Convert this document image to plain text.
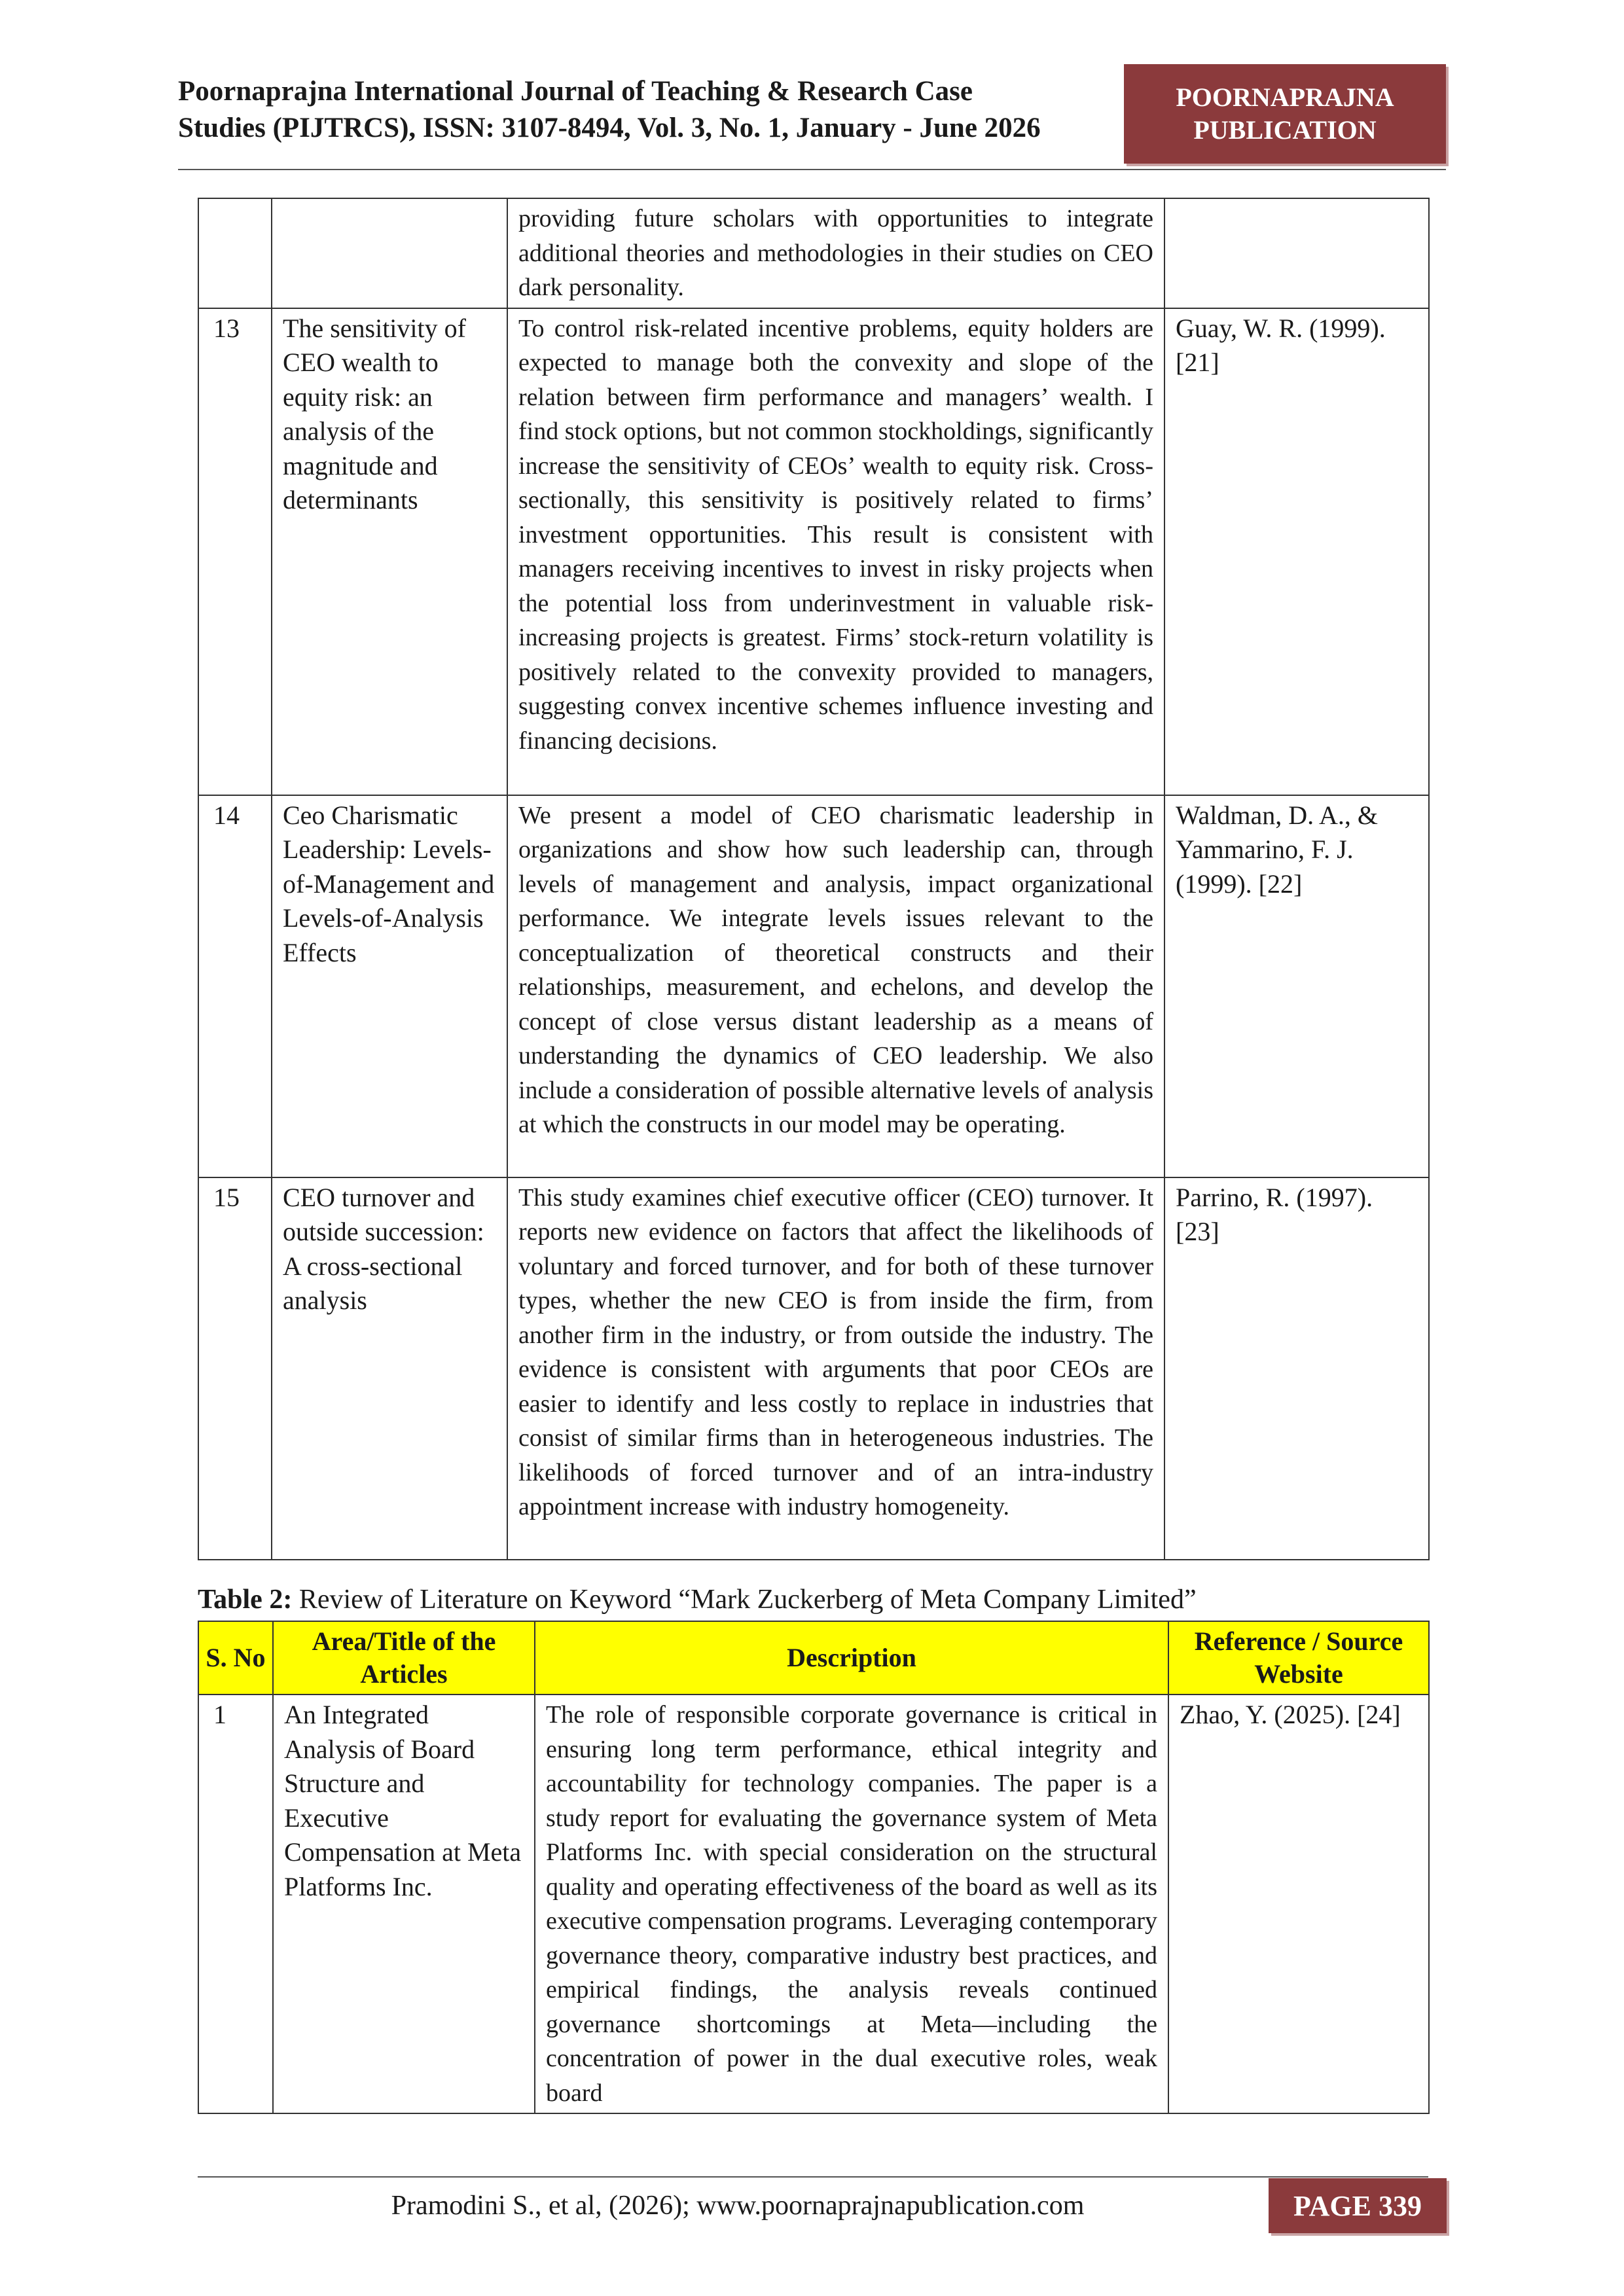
Poornaprajna International Journal of Teaching & Research Case
Studies (PIJTRCS), ISSN: 3107-8494, Vol. 3, No. 1, January - June 2026
POORNAPRAJNA
PUBLICATION
		providing future scholars with opportunities to integrate additional theories and methodologies in their studies on CEO dark personality.	
13	The sensitivity of CEO wealth to equity risk: an analysis of the magnitude and determinants	To control risk-related incentive problems, equity holders are expected to manage both the convexity and slope of the relation between firm performance and managers’ wealth. I find stock options, but not common stockholdings, significantly increase the sensitivity of CEOs’ wealth to equity risk. Cross-sectionally, this sensitivity is positively related to firms’ investment opportunities. This result is consistent with managers receiving incentives to invest in risky projects when the potential loss from underinvestment in valuable risk-increasing projects is greatest. Firms’ stock-return volatility is positively related to the convexity provided to managers, suggesting convex incentive schemes influence investing and financing decisions.	Guay, W. R. (1999). [21]
14	Ceo Charismatic Leadership: Levels-of-Management and Levels-of-Analysis Effects	We present a model of CEO charismatic leadership in organizations and show how such leadership can, through levels of management and analysis, impact organizational performance. We integrate levels issues relevant to the conceptualization of theoretical constructs and their relationships, measurement, and echelons, and develop the concept of close versus distant leadership as a means of understanding the dynamics of CEO leadership. We also include a consideration of possible alternative levels of analysis at which the constructs in our model may be operating.	Waldman, D. A., & Yammarino, F. J. (1999). [22]
15	CEO turnover and outside succession: A cross-sectional analysis	This study examines chief executive officer (CEO) turnover. It reports new evidence on factors that affect the likelihoods of voluntary and forced turnover, and for both of these turnover types, whether the new CEO is from inside the firm, from another firm in the industry, or from outside the industry. The evidence is consistent with arguments that poor CEOs are easier to identify and less costly to replace in industries that consist of similar firms than in heterogeneous industries. The likelihoods of forced turnover and of an intra-industry appointment increase with industry homogeneity.	Parrino, R. (1997). [23]
Table 2: Review of Literature on Keyword “Mark Zuckerberg of Meta Company Limited”
S. No	Area/Title of the Articles	Description	Reference / Source Website
1	An Integrated Analysis of Board Structure and Executive Compensation at Meta Platforms Inc.	The role of responsible corporate governance is critical in ensuring long term performance, ethical integrity and accountability for technology companies. The paper is a study report for evaluating the governance system of Meta Platforms Inc. with special consideration on the structural quality and operating effectiveness of the board as well as its executive compensation programs. Leveraging contemporary governance theory, comparative industry best practices, and empirical findings, the analysis reveals continued governance shortcomings at Meta—including the concentration of power in the dual executive roles, weak board	Zhao, Y. (2025). [24]
Pramodini S., et al, (2026); www.poornaprajnapublication.com	PAGE 339
